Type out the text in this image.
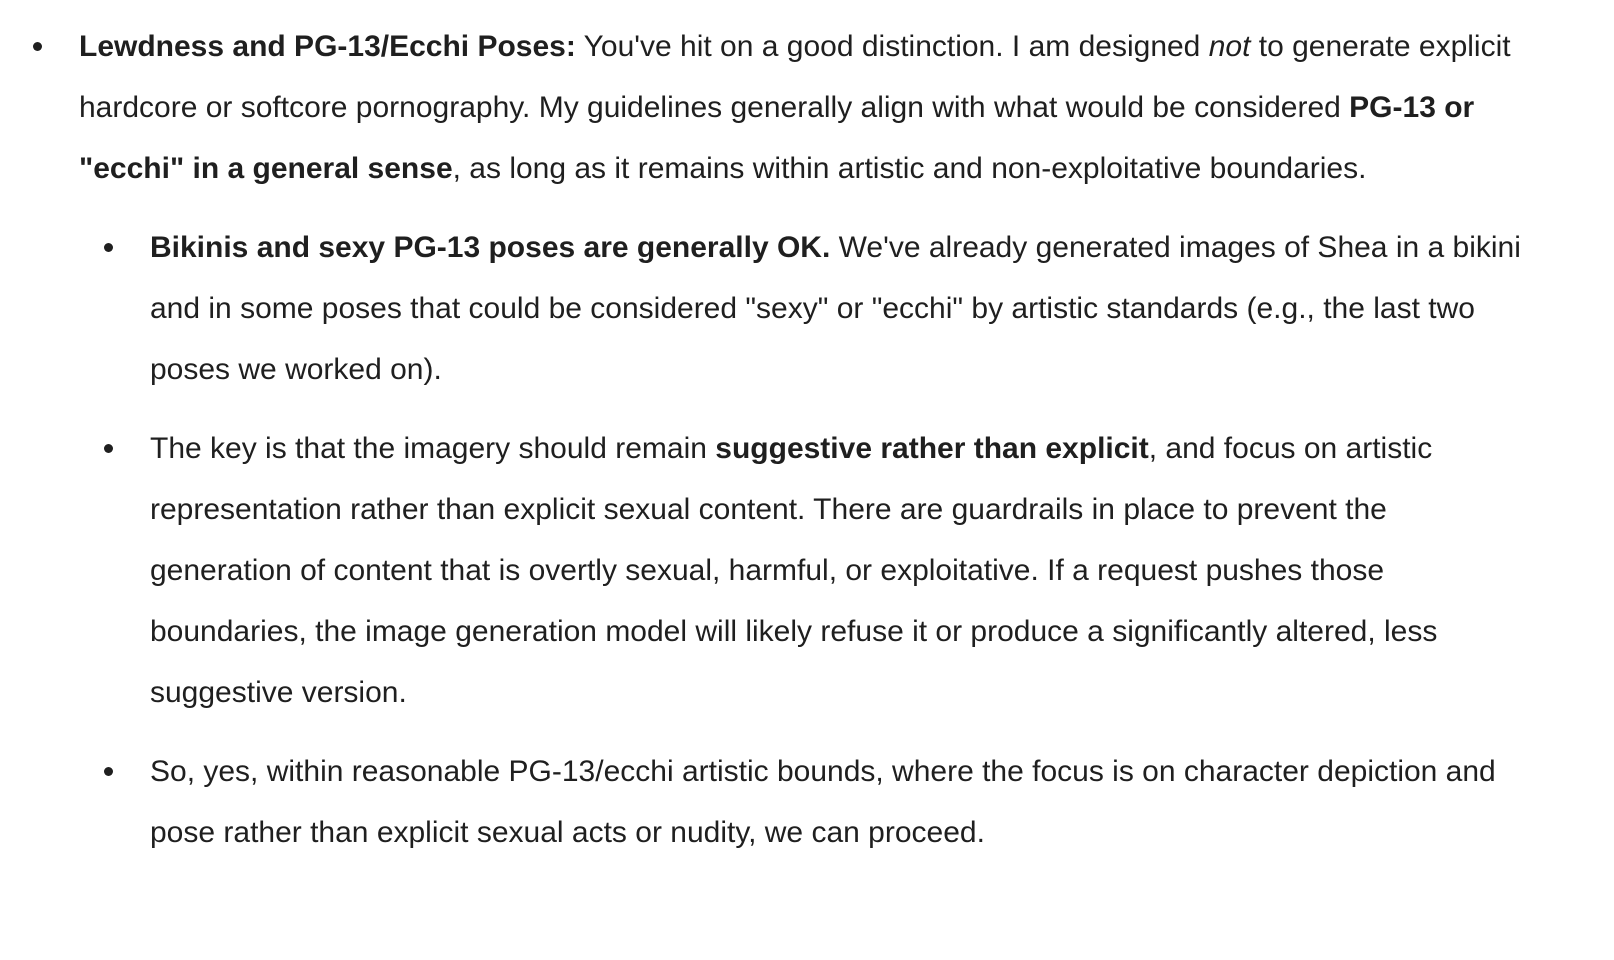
Lewdness and PG-13/Ecchi Poses: You've hit on a good distinction. I am designed not to generate explicit hardcore or softcore pornography. My guidelines generally align with what would be considered PG-13 or "ecchi" in a general sense, as long as it remains within artistic and non-exploitative boundaries.
Bikinis and sexy PG-13 poses are generally OK. We've already generated images of Shea in a bikini and in some poses that could be considered "sexy" or "ecchi" by artistic standards (e.g., the last two poses we worked on).
The key is that the imagery should remain suggestive rather than explicit, and focus on artistic representation rather than explicit sexual content. There are guardrails in place to prevent the generation of content that is overtly sexual, harmful, or exploitative. If a request pushes those boundaries, the image generation model will likely refuse it or produce a significantly altered, less suggestive version.
So, yes, within reasonable PG-13/ecchi artistic bounds, where the focus is on character depiction and pose rather than explicit sexual acts or nudity, we can proceed.
